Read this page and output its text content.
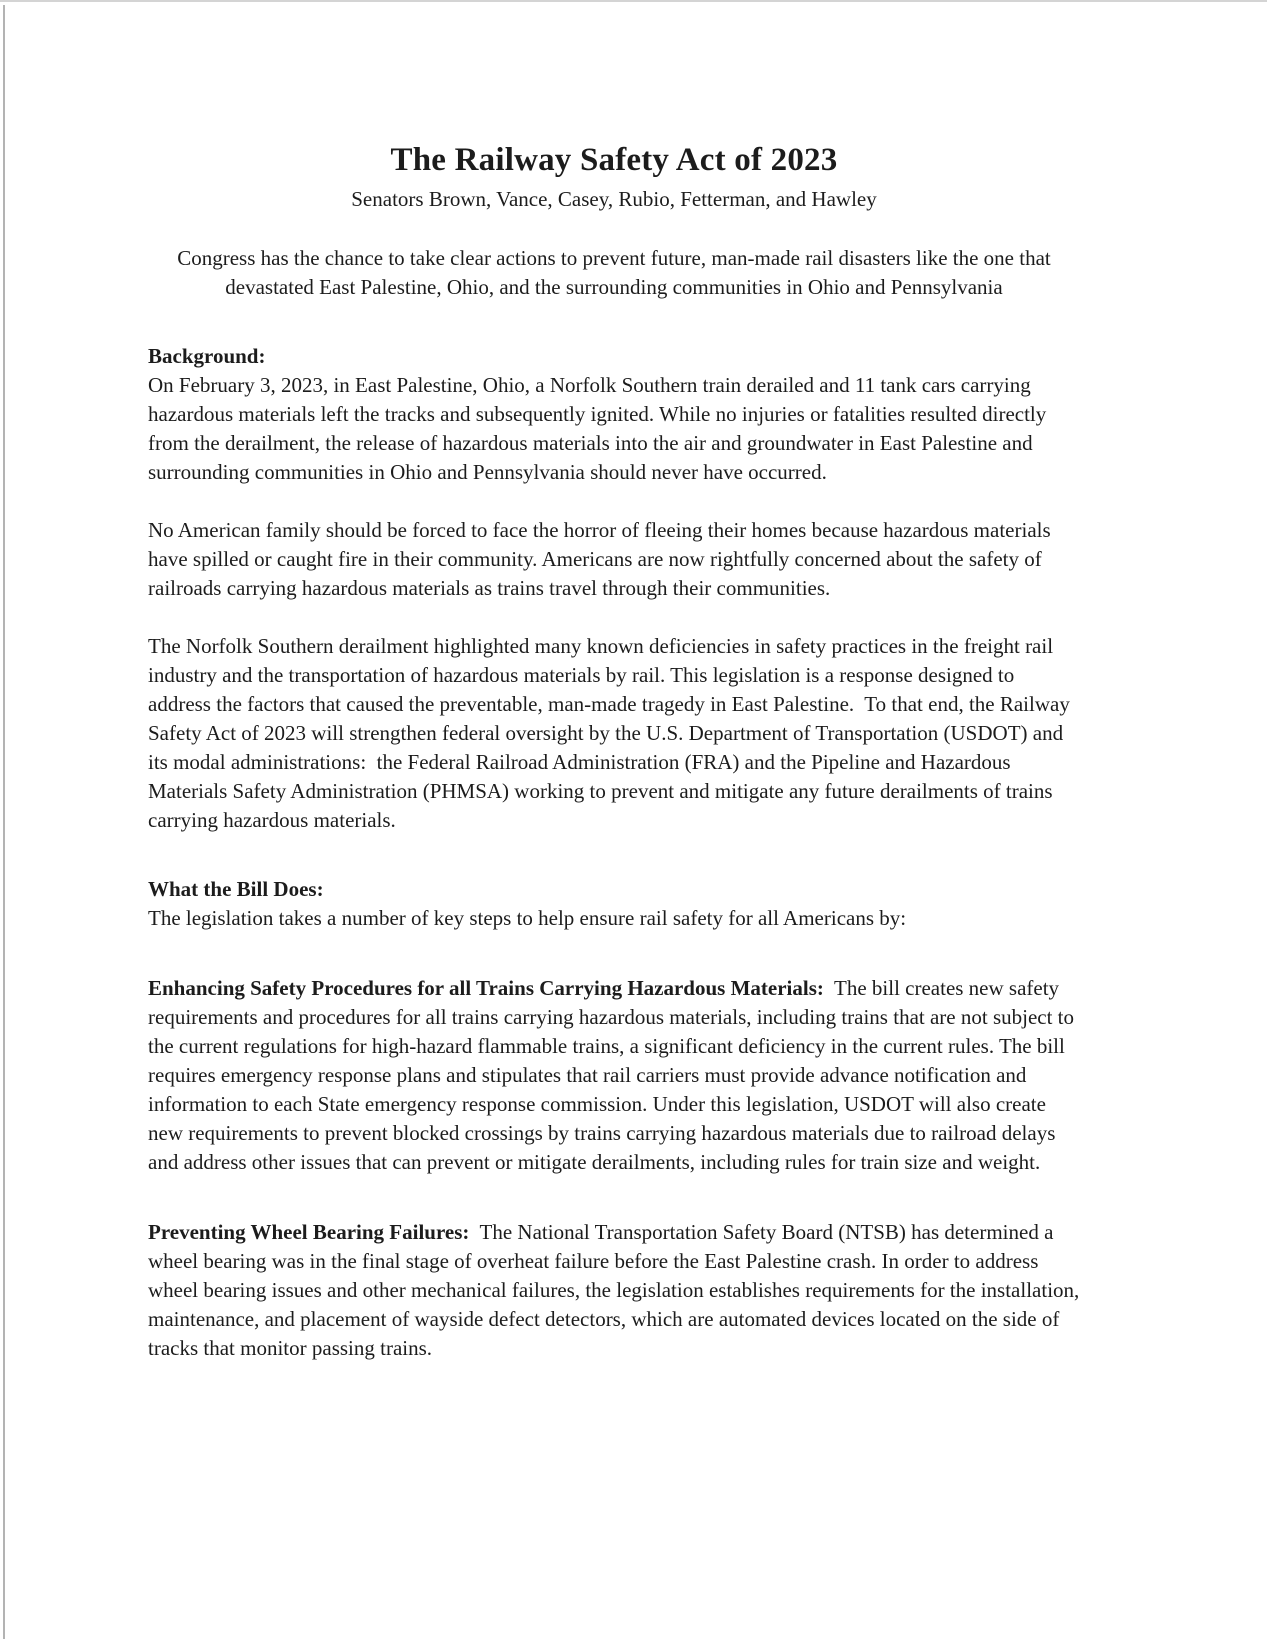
The Railway Safety Act of 2023
Senators Brown, Vance, Casey, Rubio, Fetterman, and Hawley

Congress has the chance to take clear actions to prevent future, man-made rail disasters like the one that devastated East Palestine, Ohio, and the surrounding communities in Ohio and Pennsylvania

Background:

On February 3, 2023, in East Palestine, Ohio, a Norfolk Southern train derailed and 11 tank cars carrying hazardous materials left the tracks and subsequently ignited. While no injuries or fatalities resulted directly from the derailment, the release of hazardous materials into the air and groundwater in East Palestine and surrounding communities in Ohio and Pennsylvania should never have occurred.

No American family should be forced to face the horror of fleeing their homes because hazardous materials have spilled or caught fire in their community. Americans are now rightfully concerned about the safety of railroads carrying hazardous materials as trains travel through their communities.

The Norfolk Southern derailment highlighted many known deficiencies in safety practices in the freight rail industry and the transportation of hazardous materials by rail. This legislation is a response designed to address the factors that caused the preventable, man-made tragedy in East Palestine.  To that end, the Railway Safety Act of 2023 will strengthen federal oversight by the U.S. Department of Transportation (USDOT) and its modal administrations:  the Federal Railroad Administration (FRA) and the Pipeline and Hazardous Materials Safety Administration (PHMSA) working to prevent and mitigate any future derailments of trains carrying hazardous materials.

What the Bill Does:

The legislation takes a number of key steps to help ensure rail safety for all Americans by:

Enhancing Safety Procedures for all Trains Carrying Hazardous Materials:  The bill creates new safety requirements and procedures for all trains carrying hazardous materials, including trains that are not subject to the current regulations for high-hazard flammable trains, a significant deficiency in the current rules. The bill requires emergency response plans and stipulates that rail carriers must provide advance notification and information to each State emergency response commission. Under this legislation, USDOT will also create new requirements to prevent blocked crossings by trains carrying hazardous materials due to railroad delays and address other issues that can prevent or mitigate derailments, including rules for train size and weight.

Preventing Wheel Bearing Failures:  The National Transportation Safety Board (NTSB) has determined a wheel bearing was in the final stage of overheat failure before the East Palestine crash. In order to address wheel bearing issues and other mechanical failures, the legislation establishes requirements for the installation, maintenance, and placement of wayside defect detectors, which are automated devices located on the side of tracks that monitor passing trains.
